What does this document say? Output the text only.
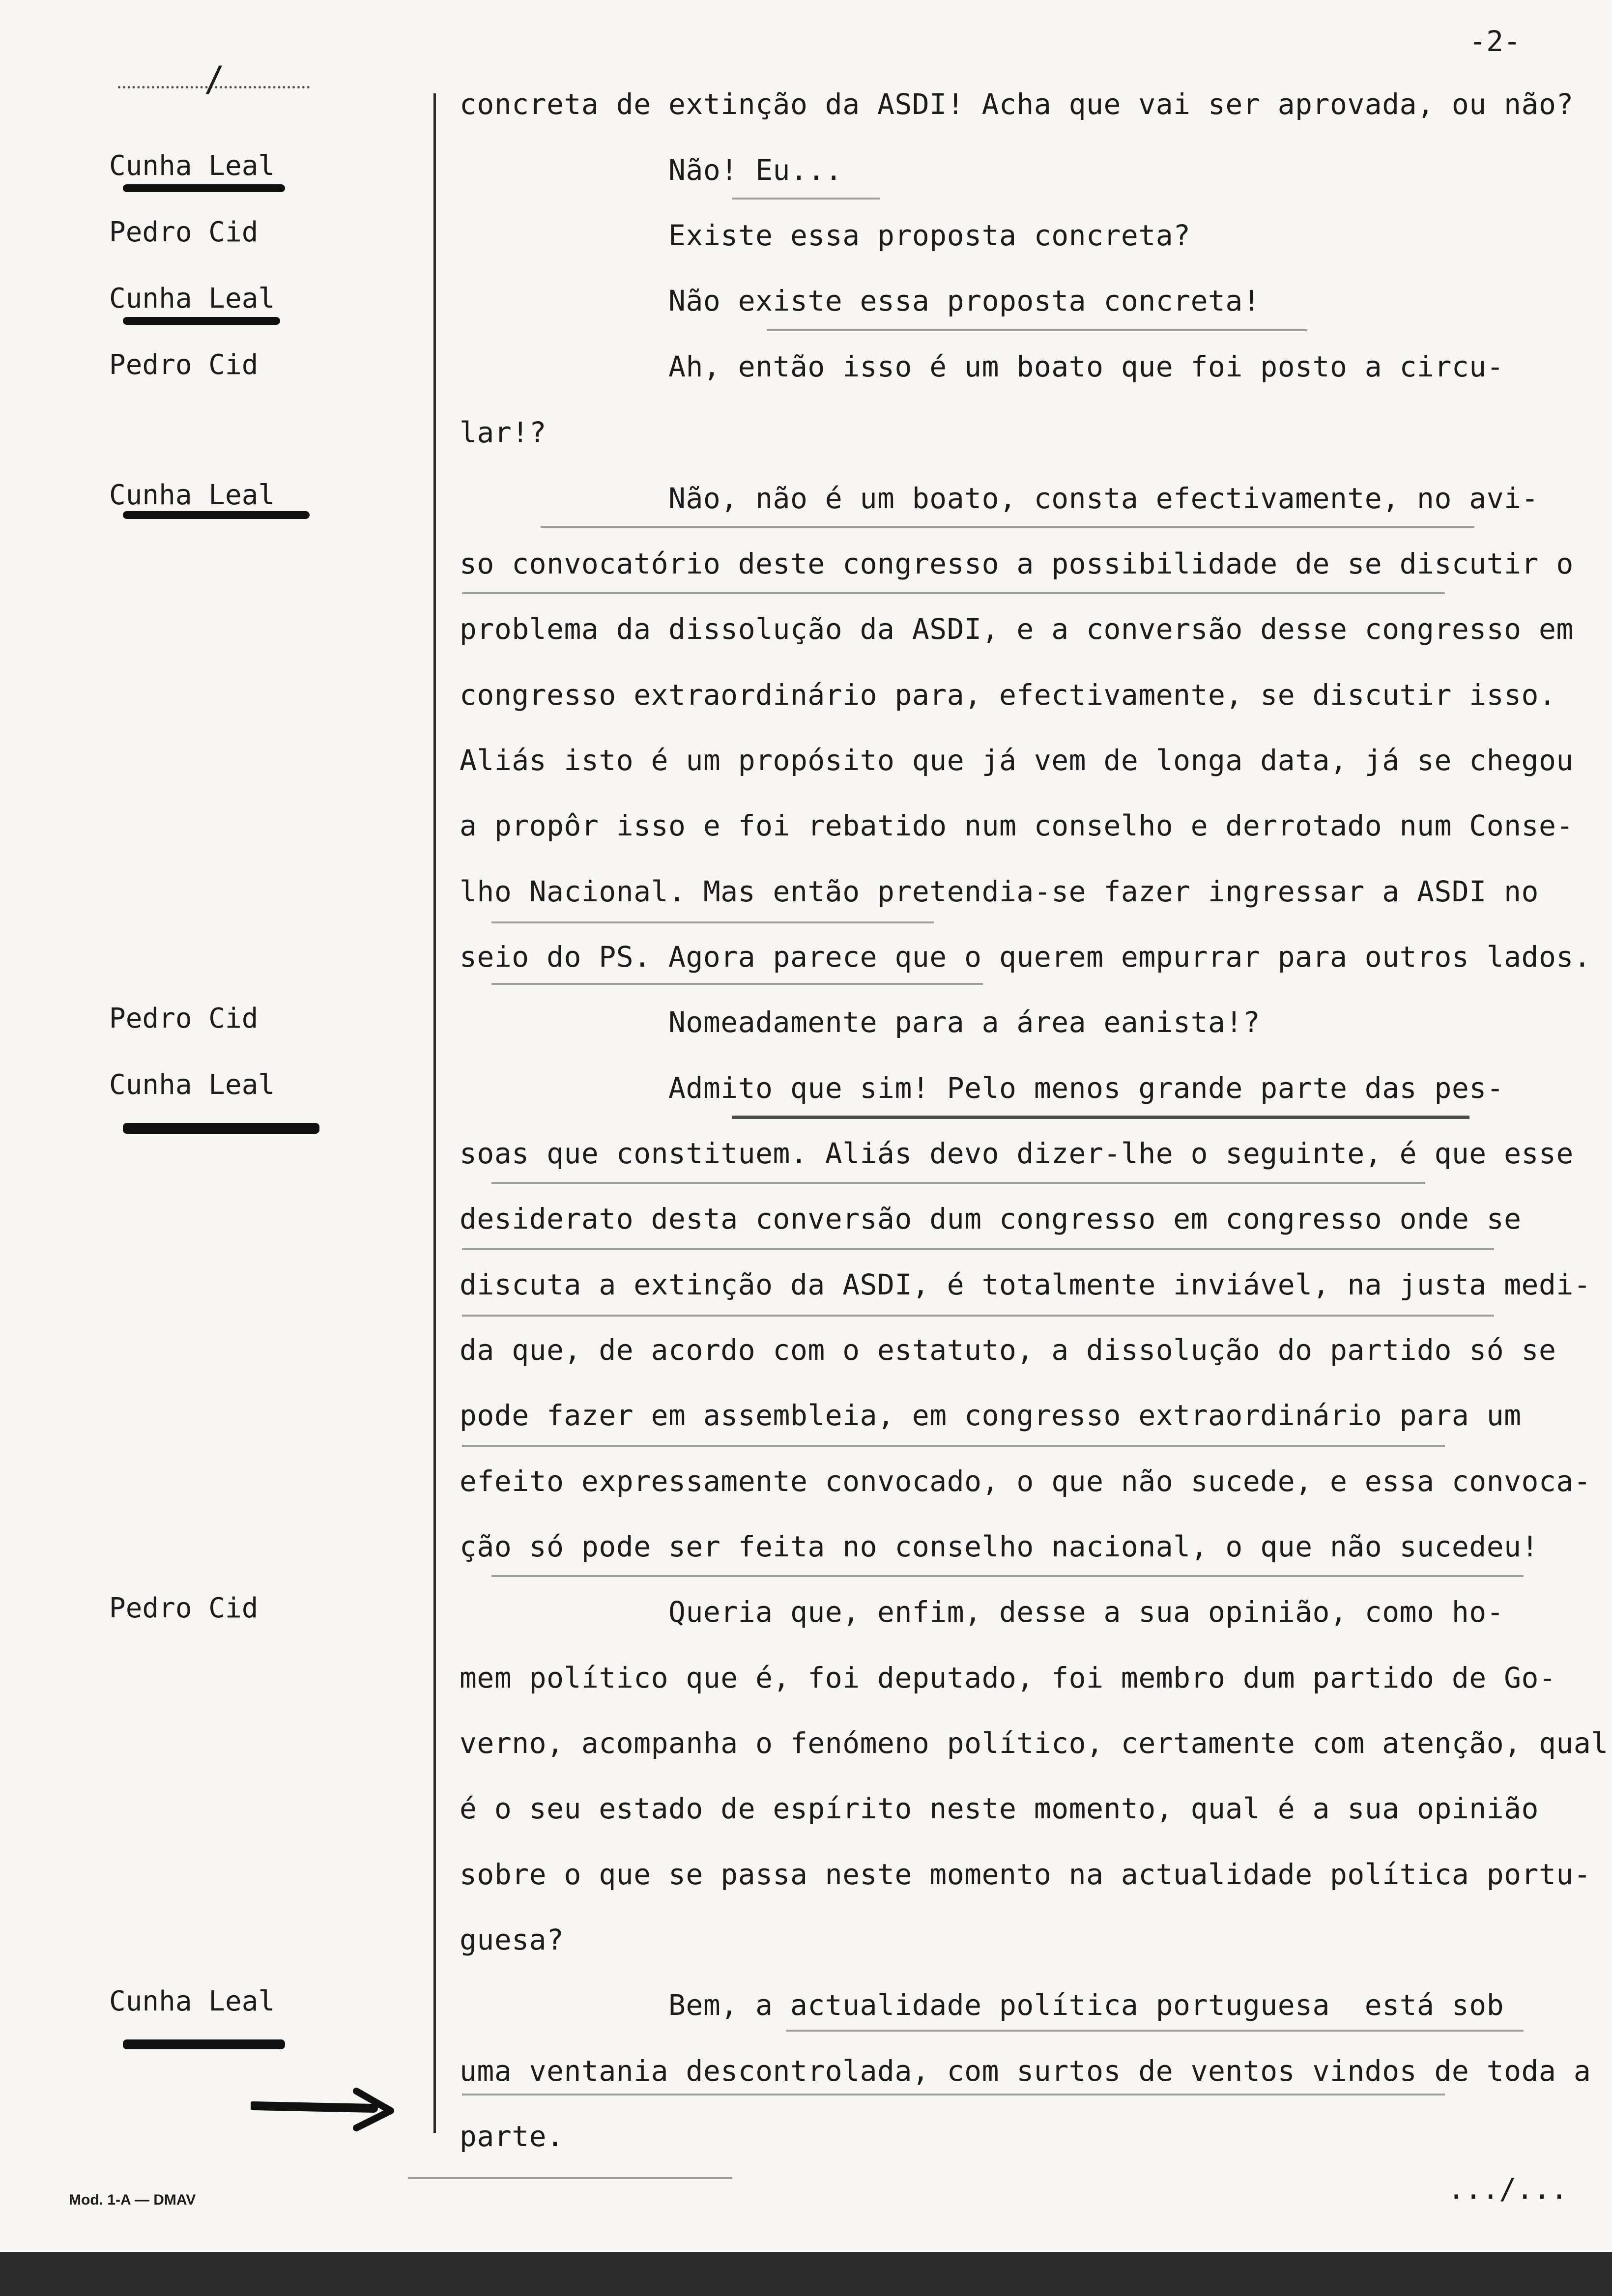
-2-
/
Cunha Leal
Pedro Cid
Cunha Leal
Pedro Cid
Cunha Leal
Pedro Cid
Cunha Leal
Pedro Cid
Cunha Leal
concreta de extinção da ASDI! Acha que vai ser aprovada, ou não?
Não! Eu...
Existe essa proposta concreta?
Não existe essa proposta concreta!
Ah, então isso é um boato que foi posto a circu-
lar!?
Não, não é um boato, consta efectivamente, no avi-
so convocatório deste congresso a possibilidade de se discutir o
problema da dissolução da ASDI, e a conversão desse congresso em
congresso extraordinário para, efectivamente, se discutir isso.
Aliás isto é um propósito que já vem de longa data, já se chegou
a propôr isso e foi rebatido num conselho e derrotado num Conse-
lho Nacional. Mas então pretendia-se fazer ingressar a ASDI no
seio do PS. Agora parece que o querem empurrar para outros lados.
Nomeadamente para a área eanista!?
Admito que sim! Pelo menos grande parte das pes-
soas que constituem. Aliás devo dizer-lhe o seguinte, é que esse
desiderato desta conversão dum congresso em congresso onde se
discuta a extinção da ASDI, é totalmente inviável, na justa medi-
da que, de acordo com o estatuto, a dissolução do partido só se
pode fazer em assembleia, em congresso extraordinário para um
efeito expressamente convocado, o que não sucede, e essa convoca-
ção só pode ser feita no conselho nacional, o que não sucedeu!
Queria que, enfim, desse a sua opinião, como ho-
mem político que é, foi deputado, foi membro dum partido de Go-
verno, acompanha o fenómeno político, certamente com atenção, qual
é o seu estado de espírito neste momento, qual é a sua opinião
sobre o que se passa neste momento na actualidade política portu-
guesa?
Bem, a actualidade política portuguesa  está sob
uma ventania descontrolada, com surtos de ventos vindos de toda a
parte.
Mod. 1-A — DMAV	.../...
